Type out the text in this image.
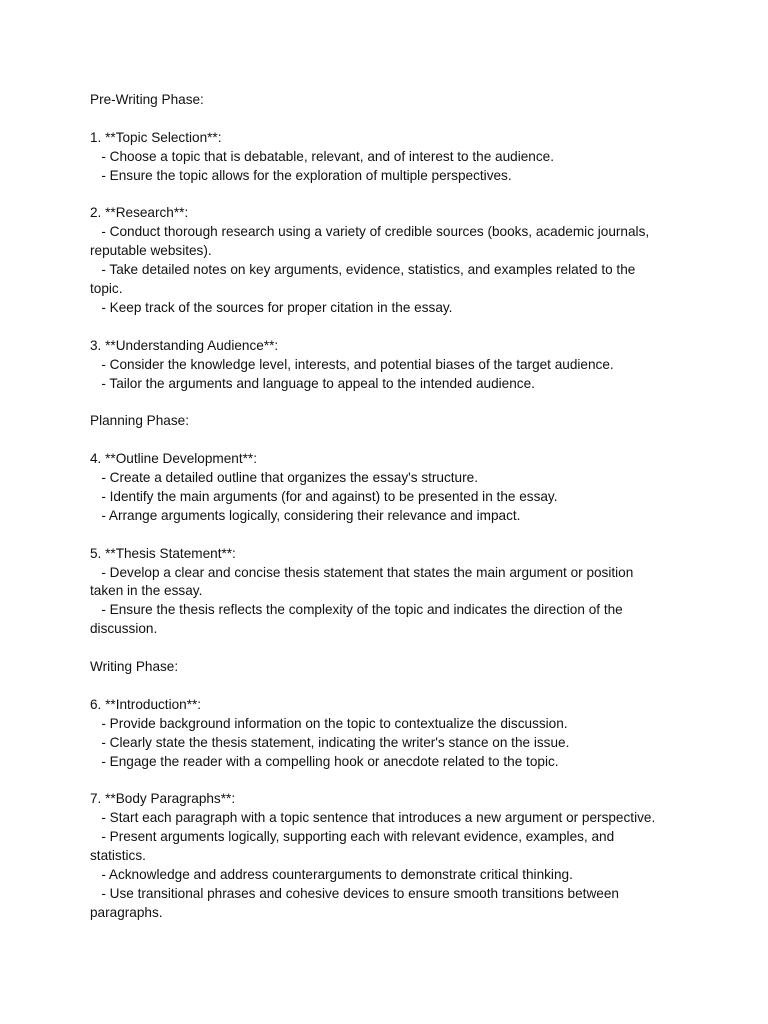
Pre-Writing Phase:
1. **Topic Selection**:
- Choose a topic that is debatable, relevant, and of interest to the audience.
- Ensure the topic allows for the exploration of multiple perspectives.
2. **Research**:
- Conduct thorough research using a variety of credible sources (books, academic journals,
reputable websites).
- Take detailed notes on key arguments, evidence, statistics, and examples related to the
topic.
- Keep track of the sources for proper citation in the essay.
3. **Understanding Audience**:
- Consider the knowledge level, interests, and potential biases of the target audience.
- Tailor the arguments and language to appeal to the intended audience.
Planning Phase:
4. **Outline Development**:
- Create a detailed outline that organizes the essay's structure.
- Identify the main arguments (for and against) to be presented in the essay.
- Arrange arguments logically, considering their relevance and impact.
5. **Thesis Statement**:
- Develop a clear and concise thesis statement that states the main argument or position
taken in the essay.
- Ensure the thesis reflects the complexity of the topic and indicates the direction of the
discussion.
Writing Phase:
6. **Introduction**:
- Provide background information on the topic to contextualize the discussion.
- Clearly state the thesis statement, indicating the writer's stance on the issue.
- Engage the reader with a compelling hook or anecdote related to the topic.
7. **Body Paragraphs**:
- Start each paragraph with a topic sentence that introduces a new argument or perspective.
- Present arguments logically, supporting each with relevant evidence, examples, and
statistics.
- Acknowledge and address counterarguments to demonstrate critical thinking.
- Use transitional phrases and cohesive devices to ensure smooth transitions between
paragraphs.
